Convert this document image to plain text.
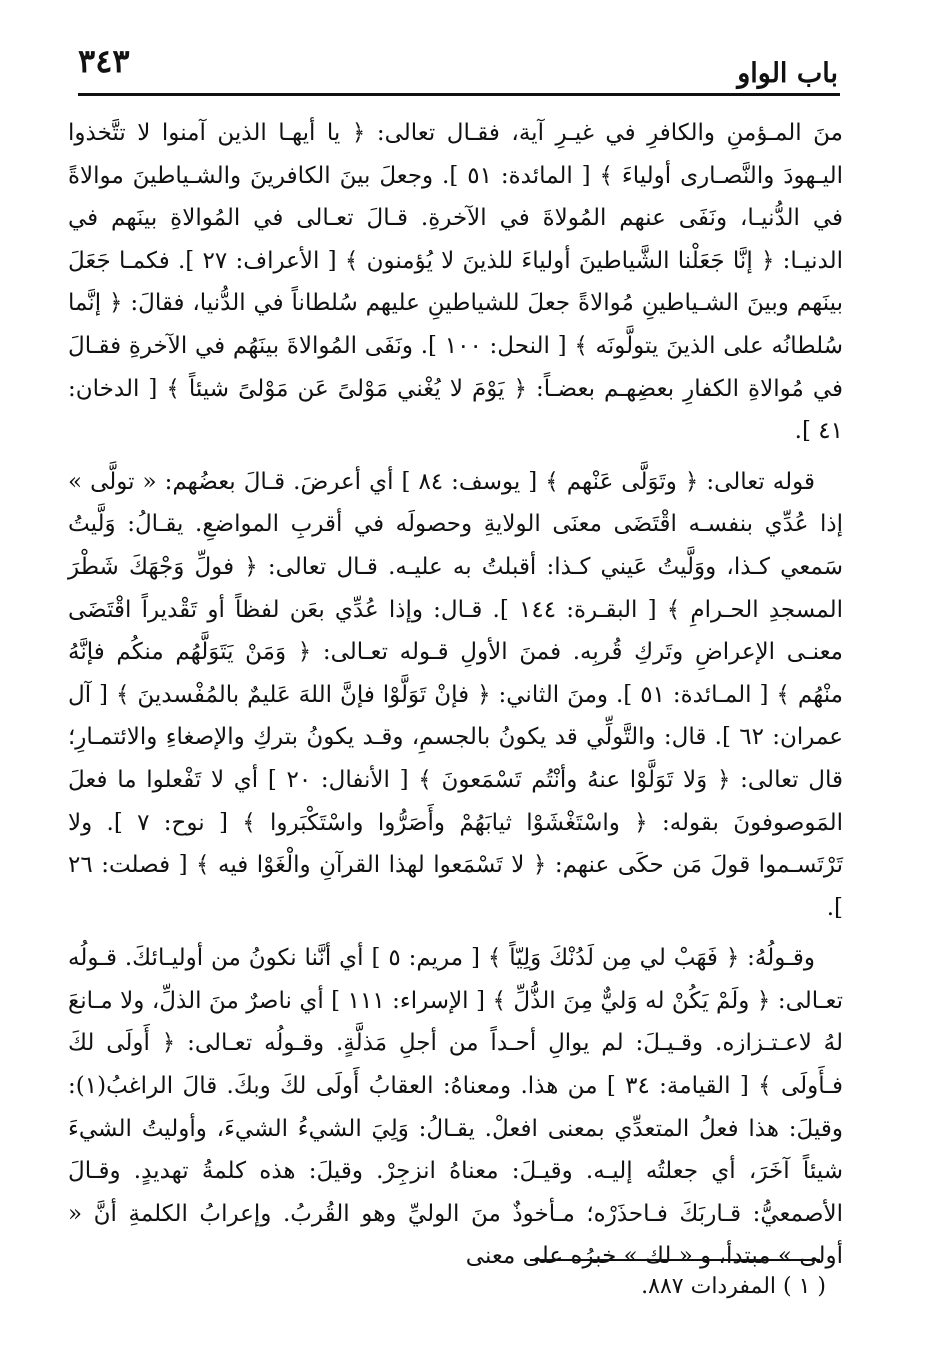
باب الواو
٣٤٣

منَ المـؤمنِ والكافرِ في غيـرِ آية، فقـال تعالى: ﴿ يا أيهـا الذين آمنوا لا تتَّخذوا اليـهودَ والنَّصـارى أولياءَ ﴾ [ المائدة: ٥١ ]. وجعلَ بينَ الكافرينَ والشـياطينَ موالاةً في الدُّنيـا، ونَفَى عنهم المُولاةَ في الآخرةِ. قـالَ تعـالى في المُوالاةِ بينَهم في الدنيـا: ﴿ إنَّا جَعَلْنا الشَّياطينَ أولياءَ للذينَ لا يُؤمنون ﴾ [ الأعراف: ٢٧ ]. فكمـا جَعَلَ بينَهم وبينَ الشـياطينِ مُوالاةً جعلَ للشياطينِ عليهم سُلطاناً في الدُّنيا، فقالَ: ﴿ إنَّما سُلطانُه على الذينَ يتولَّونَه ﴾ [ النحل: ١٠٠ ]. ونَفَى المُوالاةَ بينَهُم في الآخرةِ فقـالَ في مُوالاةِ الكفارِ بعضِهـم بعضـاً: ﴿ يَوْمَ لا يُغْني مَوْلىً عَن مَوْلىً شيئاً ﴾ [ الدخان: ٤١ ].

قوله تعالى: ﴿ وتَوَلَّى عَنْهم ﴾ [ يوسف: ٨٤ ] أي أعرضَ. قـالَ بعضُهم: « تولَّى » إذا عُدِّي بنفسـه اقْتَضَى معنَى الولايةِ وحصولَه في أقربِ المواضعِ. يقـالُ: وَلَّيتُ سَمعي كـذا، ووَلَّيتُ عَيني كـذا: أقبلتُ به عليـه. قـال تعالى: ﴿ فولِّ وَجْهَكَ شَطْرَ المسجدِ الحـرامِ ﴾ [ البقـرة: ١٤٤ ]. قـال: وإذا عُدِّي بعَن لفظاً أو تَقْديراً اقْتَضَى معنـى الإعراضِ وتَركِ قُربِه. فمنَ الأولِ قـوله تعـالى: ﴿ وَمَنْ يَتَوَلَّهُم منكُم فإنَّهُ منْهُم ﴾ [ المـائدة: ٥١ ]. ومنَ الثاني: ﴿ فإنْ تَوَلَّوْا فإنَّ اللهَ عَليمٌ بالمُفْسدينَ ﴾ [ آل عمران: ٦٢ ]. قال: والتَّولِّي قد يكونُ بالجسمِ، وقـد يكونُ بتركِ والإصغاءِ والائتمـارِ؛ قال تعالى: ﴿ وَلا تَوَلَّوْا عنهُ وأنْتُم تَسْمَعونَ ﴾ [ الأنفال: ٢٠ ] أي لا تَفْعلوا ما فعلَ المَوصوفونَ بقوله: ﴿ واسْتَغْشَوْا ثيابَهُمْ وأَصَرُّوا واسْتَكْبَروا ﴾ [ نوح: ٧ ]. ولا تَرْتَسـموا قولَ مَن حكَى عنهم: ﴿ لا تَسْمَعوا لهذا القرآنِ والْغَوْا فيه ﴾ [ فصلت: ٢٦ ].

وقـولُهُ: ﴿ فَهَبْ لي مِن لَدُنْكَ وَلِيّاً ﴾ [ مريم: ٥ ] أي أنَّنا نكونُ من أوليـائكَ. قـولُه تعـالى: ﴿ ولَمْ يَكُنْ له وَليٌّ مِنَ الذُّلِّ ﴾ [ الإسراء: ١١١ ] أي ناصرٌ منَ الذلِّ، ولا مـانعَ لهُ لاعـتـزازه. وقـيـلَ: لم يوالِ أحـداً من أجلِ مَذلَّةٍ. وقـولُه تعـالى: ﴿ أَولَى لكَ فـأَولَى ﴾ [ القيامة: ٣٤ ] من هذا. ومعناهُ: العقابُ أَولَى لكَ وبكَ. قالَ الراغبُ(١): وقيلَ: هذا فعلُ المتعدِّي بمعنى افعلْ. يقـالُ: وَلِيَ الشيءُ الشيءَ، وأوليتُ الشيءَ شيئاً آخَرَ، أي جعلتُه إليـه. وقيـلَ: معناهُ انزجِرْ. وقيلَ: هذه كلمةُ تهديدٍ. وقـالَ الأصمعيُّ: قـاربَكَ فـاحذَرْه؛ مـأخوذٌ منَ الوليِّ وهو القُربُ. وإعرابُ الكلمةِ أنَّ « أولى » مبتدأ، و « لك » خبرُه على معنى

( ١ ) المفردات ٨٨٧.
